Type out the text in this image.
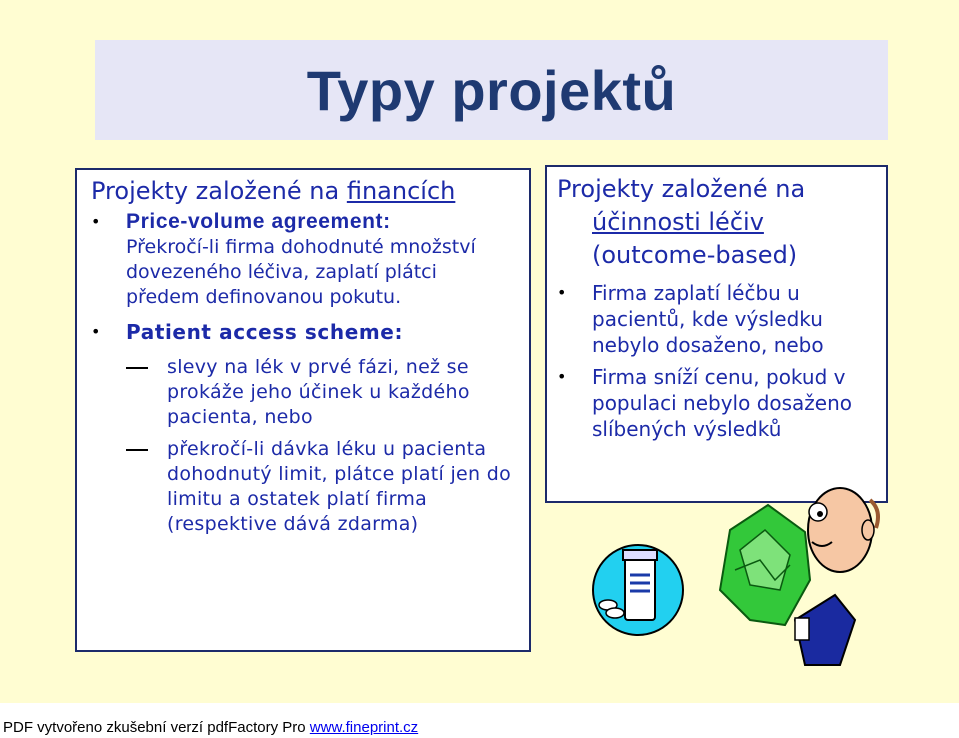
Typy projektů
Projekty založené na financích
•	Price-volume agreement:
Překročí-li firma dohodnuté množství dovezeného léčiva, zaplatí plátci předem definovanou pokutu.
•	Patient access scheme:
slevy na lék v prvé fázi, než se prokáže jeho účinek u každého pacienta, nebo
překročí-li dávka léku u pacienta dohodnutý limit, plátce platí jen do limitu a ostatek platí firma (respektive dává zdarma)
Projekty založené na
účinnosti léčiv
(outcome-based)
•	Firma zaplatí léčbu u pacientů, kde výsledku nebylo dosaženo, nebo
•	Firma sníží cenu, pokud v populaci nebylo dosaženo slíbených výsledků
PDF vytvořeno zkušební verzí pdfFactory Pro www.fineprint.cz
